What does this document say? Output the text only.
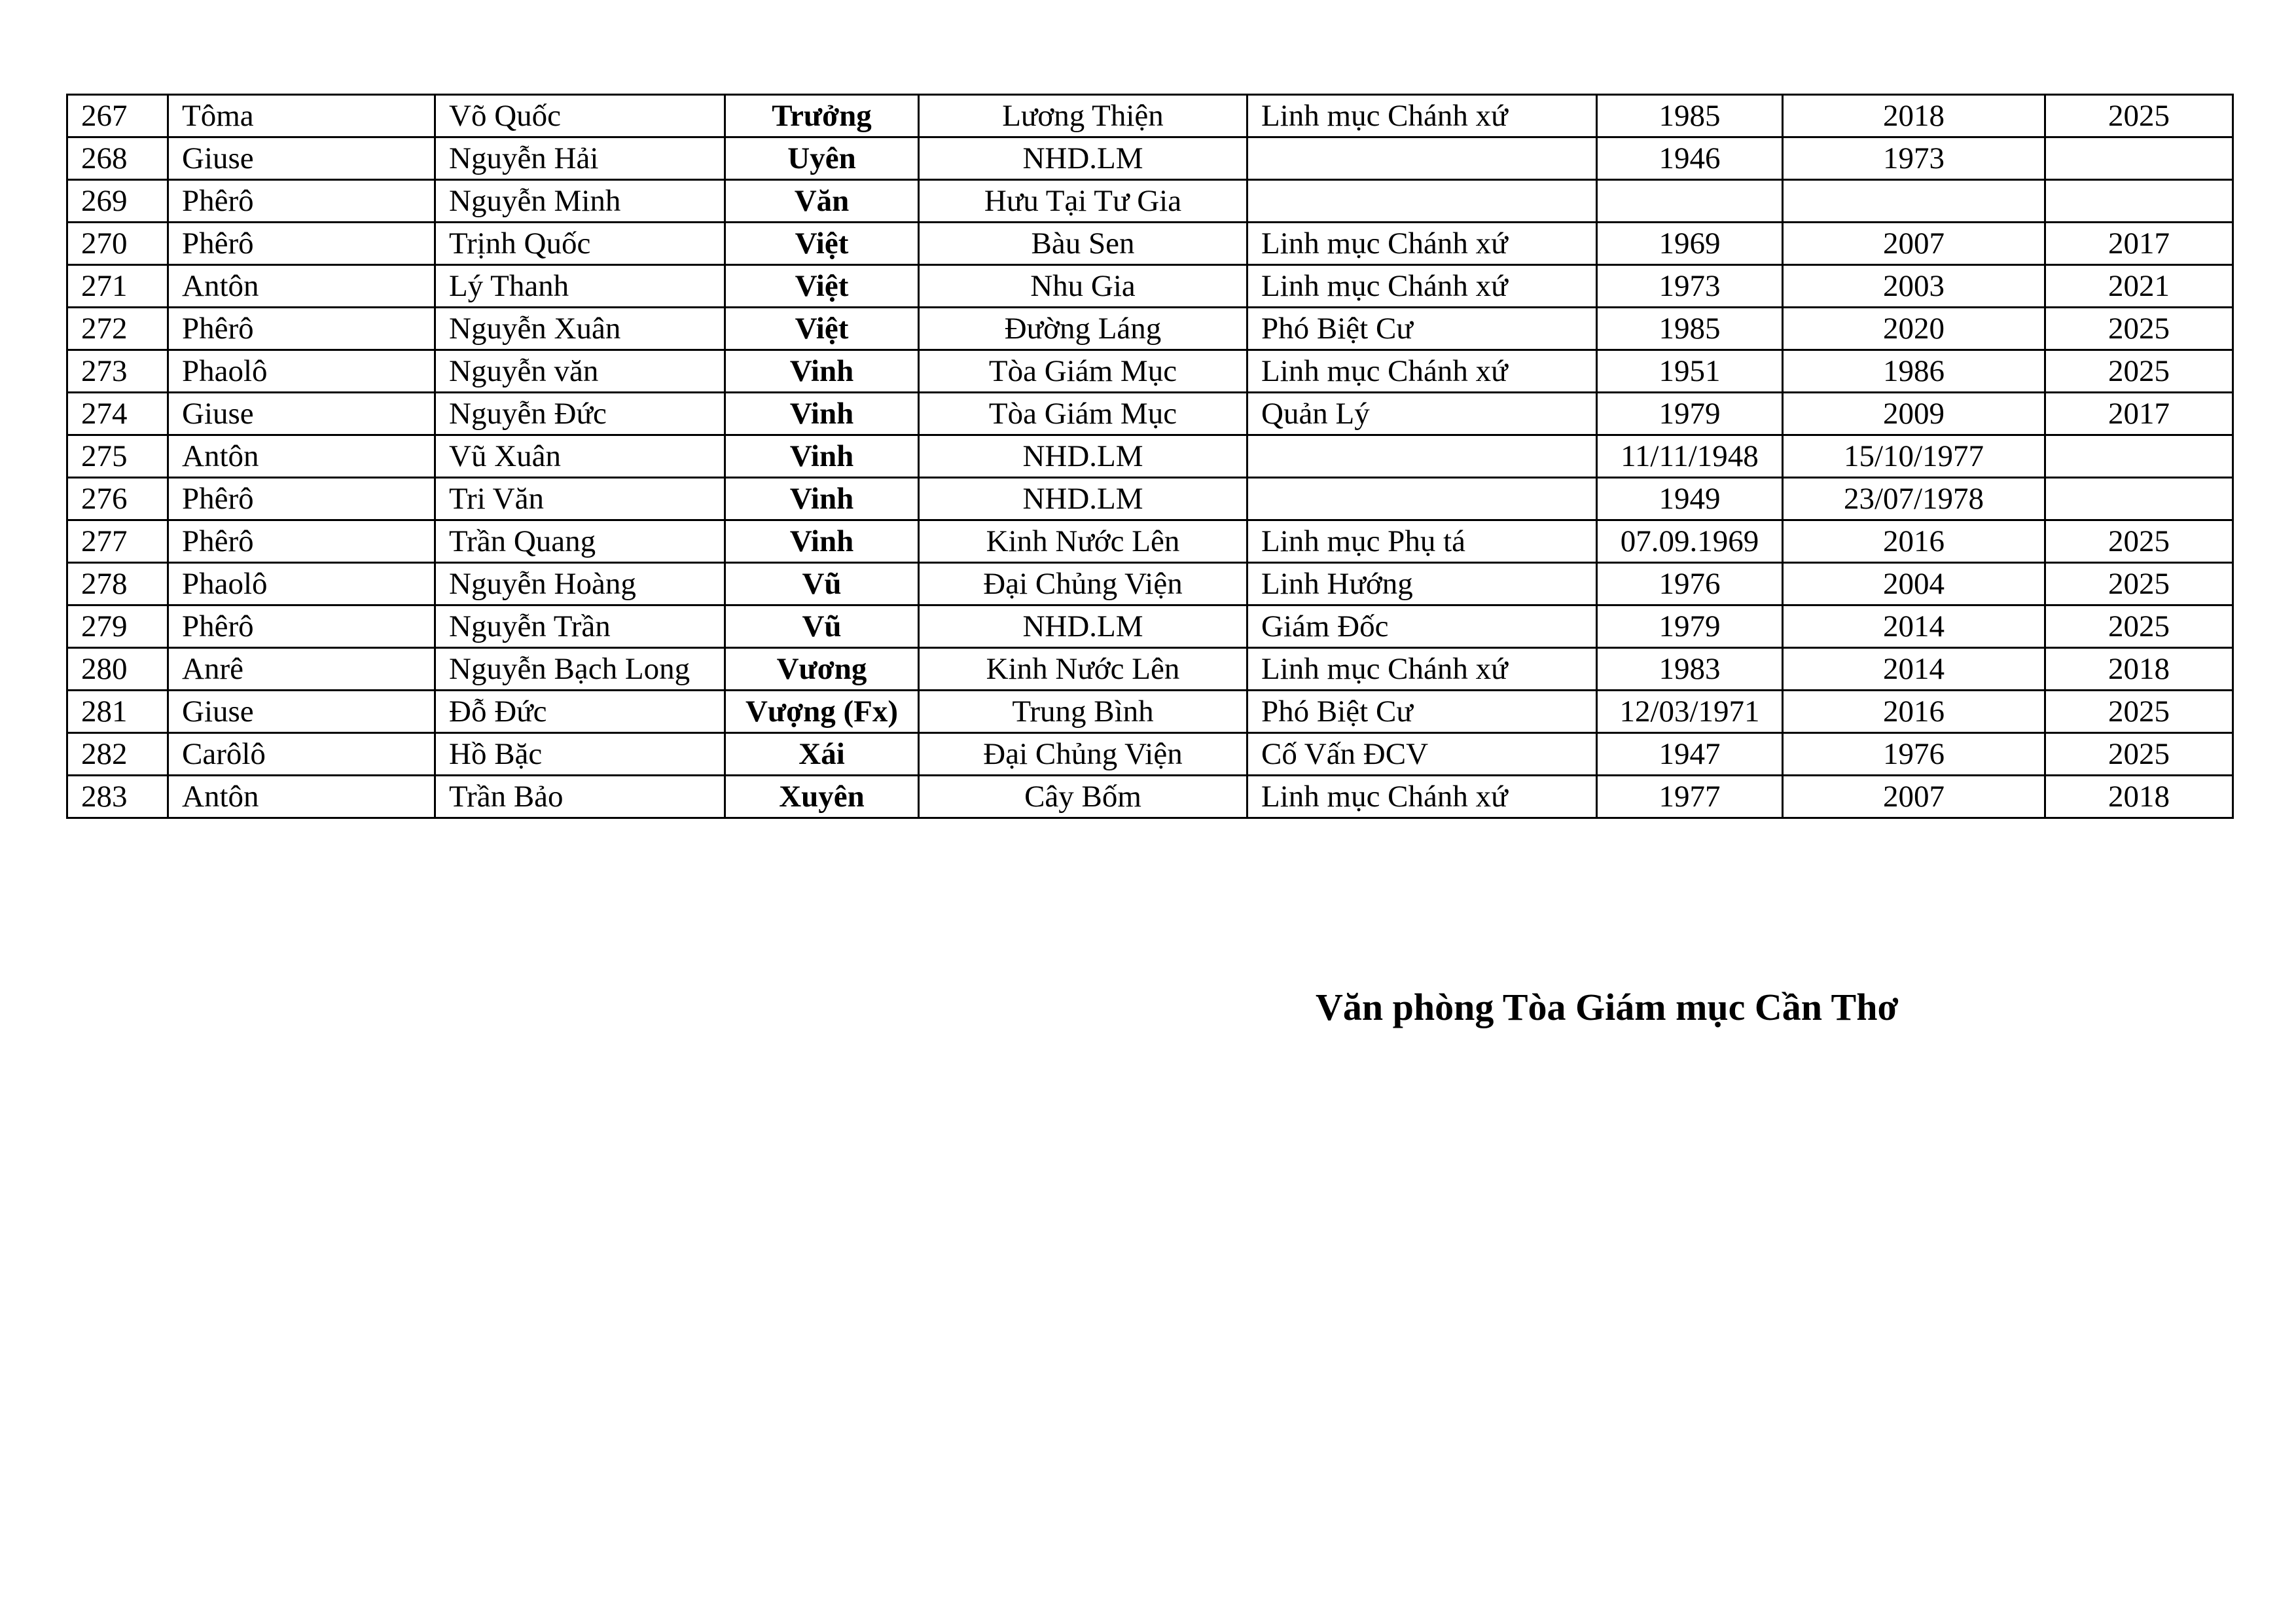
267	Tôma	Võ Quốc	Trưởng	Lương Thiện	Linh mục Chánh xứ	1985	2018	2025
268	Giuse	Nguyễn Hải	Uyên	NHD.LM		1946	1973	
269	Phêrô	Nguyễn Minh	Văn	Hưu Tại Tư Gia				
270	Phêrô	Trịnh Quốc	Việt	Bàu Sen	Linh mục Chánh xứ	1969	2007	2017
271	Antôn	Lý Thanh	Việt	Nhu Gia	Linh mục Chánh xứ	1973	2003	2021
272	Phêrô	Nguyễn Xuân	Việt	Đường Láng	Phó Biệt Cư	1985	2020	2025
273	Phaolô	Nguyễn văn	Vinh	Tòa Giám Mục	Linh mục Chánh xứ	1951	1986	2025
274	Giuse	Nguyễn Đức	Vinh	Tòa Giám Mục	Quản Lý	1979	2009	2017
275	Antôn	Vũ Xuân	Vinh	NHD.LM		11/11/1948	15/10/1977	
276	Phêrô	Tri Văn	Vinh	NHD.LM		1949	23/07/1978	
277	Phêrô	Trần Quang	Vinh	Kinh Nước Lên	Linh mục Phụ tá	07.09.1969	2016	2025
278	Phaolô	Nguyễn Hoàng	Vũ	Đại Chủng Viện	Linh Hướng	1976	2004	2025
279	Phêrô	Nguyễn Trần	Vũ	NHD.LM	Giám Đốc	1979	2014	2025
280	Anrê	Nguyễn Bạch Long	Vương	Kinh Nước Lên	Linh mục Chánh xứ	1983	2014	2018
281	Giuse	Đỗ Đức	Vượng (Fx)	Trung Bình	Phó Biệt Cư	12/03/1971	2016	2025
282	Carôlô	Hồ Bặc	Xái	Đại Chủng Viện	Cố Vấn ĐCV	1947	1976	2025
283	Antôn	Trần Bảo	Xuyên	Cây Bốm	Linh mục Chánh xứ	1977	2007	2018
Văn phòng Tòa Giám mục Cần Thơ
